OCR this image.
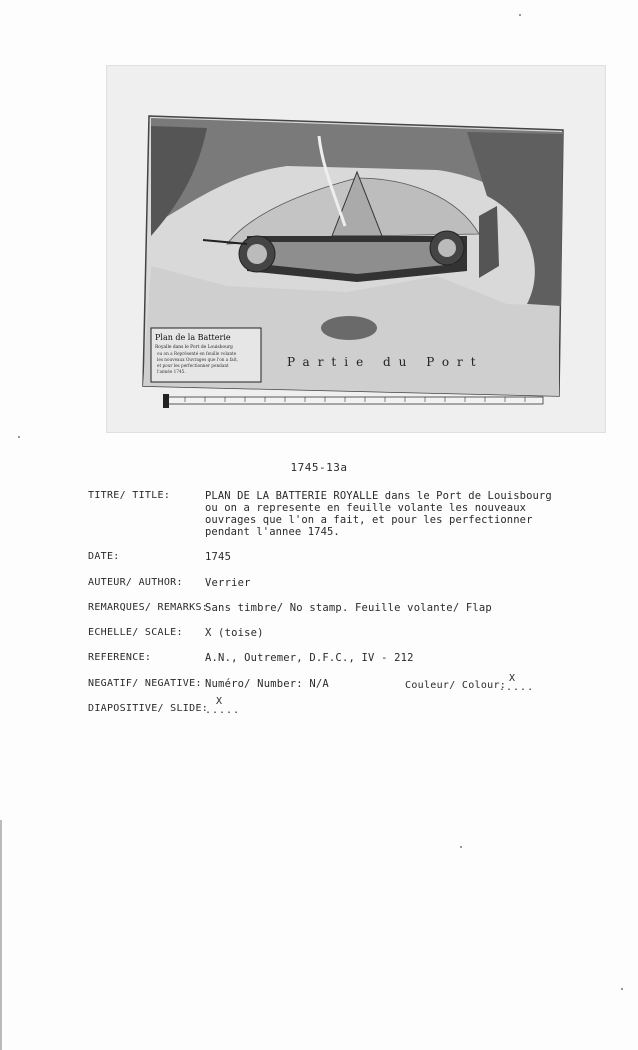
Plan de la Batterie
Royalle dans le Port de Louisbourg
ou on a Représenté en feuille volante
les nouveaux Ouvrages que l'on a fait,
et pour les perfectionner pendant
l'année 1745.
Partie du Port
1745-13a
TITRE/ TITLE:	PLAN DE LA BATTERIE ROYALLE dans le Port de Louisbourg ou on a represente en feuille volante les nouveaux ouvrages que l'on a fait, et pour les perfectionner pendant l'annee 1745.
DATE:	1745
AUTEUR/ AUTHOR: Verrier
REMARQUES/ REMARKS:
Sans timbre/ No stamp. Feuille volante/ Flap
ECHELLE/ SCALE: X (toise)
REFERENCE:	A.N., Outremer, D.F.C., IV - 212
NEGATIF/ NEGATIVE: Numéro/ Number: N/A	Couleur/ Colour:
X
.....
DIAPOSITIVE/ SLIDE:
X
.....
